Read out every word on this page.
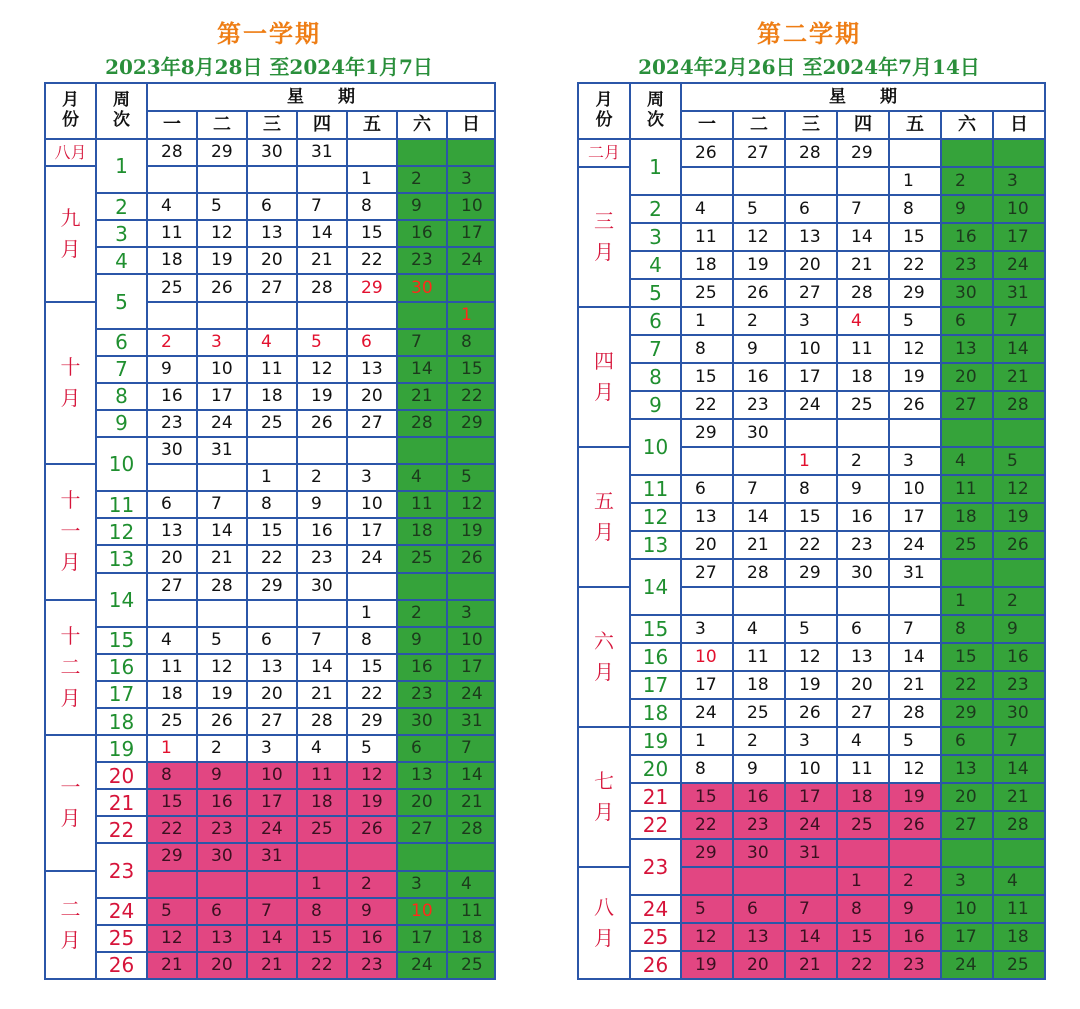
第一学期
2023年8月28日 至2024年1月7日
月
份
周
次
星　　期
一 二 三 四 五 六 日
八月
九
月
十
月
十
一
月
十
二
月
一
月
二
月
1
2
3
4
5
6
7
8
9
10
11
12
13
14
15
16
17
18
19
20
21
22
23
24
25
26
28 29 30 31
1 2 3
4 5 6 7 8 9 10
11 12 13 14 15 16 17
18 19 20 21 22 23 24
25 26 27 28 29 30
1
2 3 4 5 6 7 8
9 10 11 12 13 14 15
16 17 18 19 20 21 22
23 24 25 26 27 28 29
30 31
1 2 3 4 5
6 7 8 9 10 11 12
13 14 15 16 17 18 19
20 21 22 23 24 25 26
27 28 29 30
1 2 3
4 5 6 7 8 9 10
11 12 13 14 15 16 17
18 19 20 21 22 23 24
25 26 27 28 29 30 31
1 2 3 4 5 6 7
8 9 10 11 12 13 14
15 16 17 18 19 20 21
22 23 24 25 26 27 28
29 30 31
1 2 3 4
5 6 7 8 9 10 11
12 13 14 15 16 17 18
21 20 21 22 23 24 25
第二学期
2024年2月26日 至2024年7月14日
月
份
周
次
星　　期
一 二 三 四 五 六 日
二月
三
月
四
月
五
月
六
月
七
月
八
月
1
2
3
4
5
6
7
8
9
10
11
12
13
14
15
16
17
18
19
20
21
22
23
24
25
26
26 27 28 29
1 2 3
4 5 6 7 8 9 10
11 12 13 14 15 16 17
18 19 20 21 22 23 24
25 26 27 28 29 30 31
1 2 3 4 5 6 7
8 9 10 11 12 13 14
15 16 17 18 19 20 21
22 23 24 25 26 27 28
29 30
1 2 3 4 5
6 7 8 9 10 11 12
13 14 15 16 17 18 19
20 21 22 23 24 25 26
27 28 29 30 31
1 2
3 4 5 6 7 8 9
10 11 12 13 14 15 16
17 18 19 20 21 22 23
24 25 26 27 28 29 30
1 2 3 4 5 6 7
8 9 10 11 12 13 14
15 16 17 18 19 20 21
22 23 24 25 26 27 28
29 30 31
1 2 3 4
5 6 7 8 9 10 11
12 13 14 15 16 17 18
19 20 21 22 23 24 25
